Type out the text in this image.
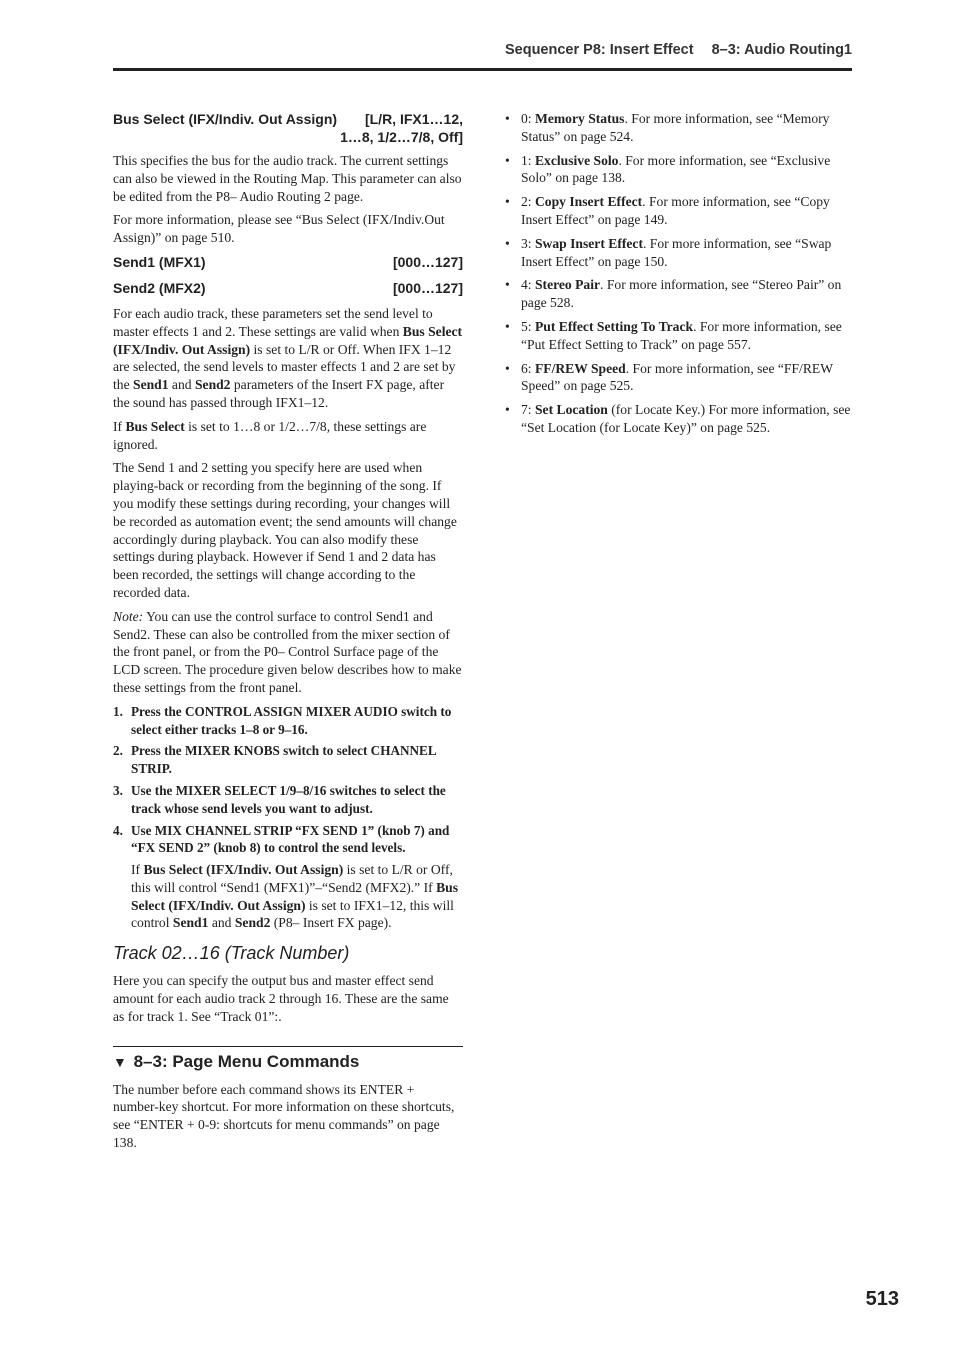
Sequencer P8: Insert Effect 8–3: Audio Routing1
Bus Select (IFX/Indiv. Out Assign) [L/R, IFX1…12,
1…8, 1/2…7/8, Off]

This specifies the bus for the audio track. The current settings can also be viewed in the Routing Map. This parameter can also be edited from the P8– Audio Routing 2 page.

For more information, please see “Bus Select (IFX/Indiv.Out Assign)” on page 510.

Send1 (MFX1)	[000…127]
Send2 (MFX2)	[000…127]

For each audio track, these parameters set the send level to master effects 1 and 2. These settings are valid when Bus Select (IFX/Indiv. Out Assign) is set to L/R or Off. When IFX 1–12 are selected, the send levels to master effects 1 and 2 are set by the Send1 and Send2 parameters of the Insert FX page, after the sound has passed through IFX1–12.

If Bus Select is set to 1…8 or 1/2…7/8, these settings are ignored.

The Send 1 and 2 setting you specify here are used when playing-back or recording from the beginning of the song. If you modify these settings during recording, your changes will be recorded as automation event; the send amounts will change accordingly during playback. You can also modify these settings during playback. However if Send 1 and 2 data has been recorded, the settings will change according to the recorded data.

Note: You can use the control surface to control Send1 and Send2. These can also be controlled from the mixer section of the front panel, or from the P0– Control Surface page of the LCD screen. The procedure given below describes how to make these settings from the front panel.

1. Press the CONTROL ASSIGN MIXER AUDIO switch to select either tracks 1–8 or 9–16.
2. Press the MIXER KNOBS switch to select CHANNEL STRIP.
3. Use the MIXER SELECT 1/9–8/16 switches to select the track whose send levels you want to adjust.
4. Use MIX CHANNEL STRIP “FX SEND 1” (knob 7) and “FX SEND 2” (knob 8) to control the send levels.

If Bus Select (IFX/Indiv. Out Assign) is set to L/R or Off, this will control “Send1 (MFX1)”–“Send2 (MFX2).” If Bus Select (IFX/Indiv. Out Assign) is set to IFX1–12, this will control Send1 and Send2 (P8– Insert FX page).

Track 02…16 (Track Number)

Here you can specify the output bus and master effect send amount for each audio track 2 through 16. These are the same as for track 1. See “Track 01”:.

▼ 8–3: Page Menu Commands

The number before each command shows its ENTER + number-key shortcut. For more information on these shortcuts, see “ENTER + 0-9: shortcuts for menu commands” on page 138.

• 0: Memory Status. For more information, see “Memory Status” on page 524.
• 1: Exclusive Solo. For more information, see “Exclusive Solo” on page 138.
• 2: Copy Insert Effect. For more information, see “Copy Insert Effect” on page 149.
• 3: Swap Insert Effect. For more information, see “Swap Insert Effect” on page 150.
• 4: Stereo Pair. For more information, see “Stereo Pair” on page 528.
• 5: Put Effect Setting To Track. For more information, see “Put Effect Setting to Track” on page 557.
• 6: FF/REW Speed. For more information, see “FF/REW Speed” on page 525.
• 7: Set Location (for Locate Key.) For more information, see “Set Location (for Locate Key)” on page 525.
513
